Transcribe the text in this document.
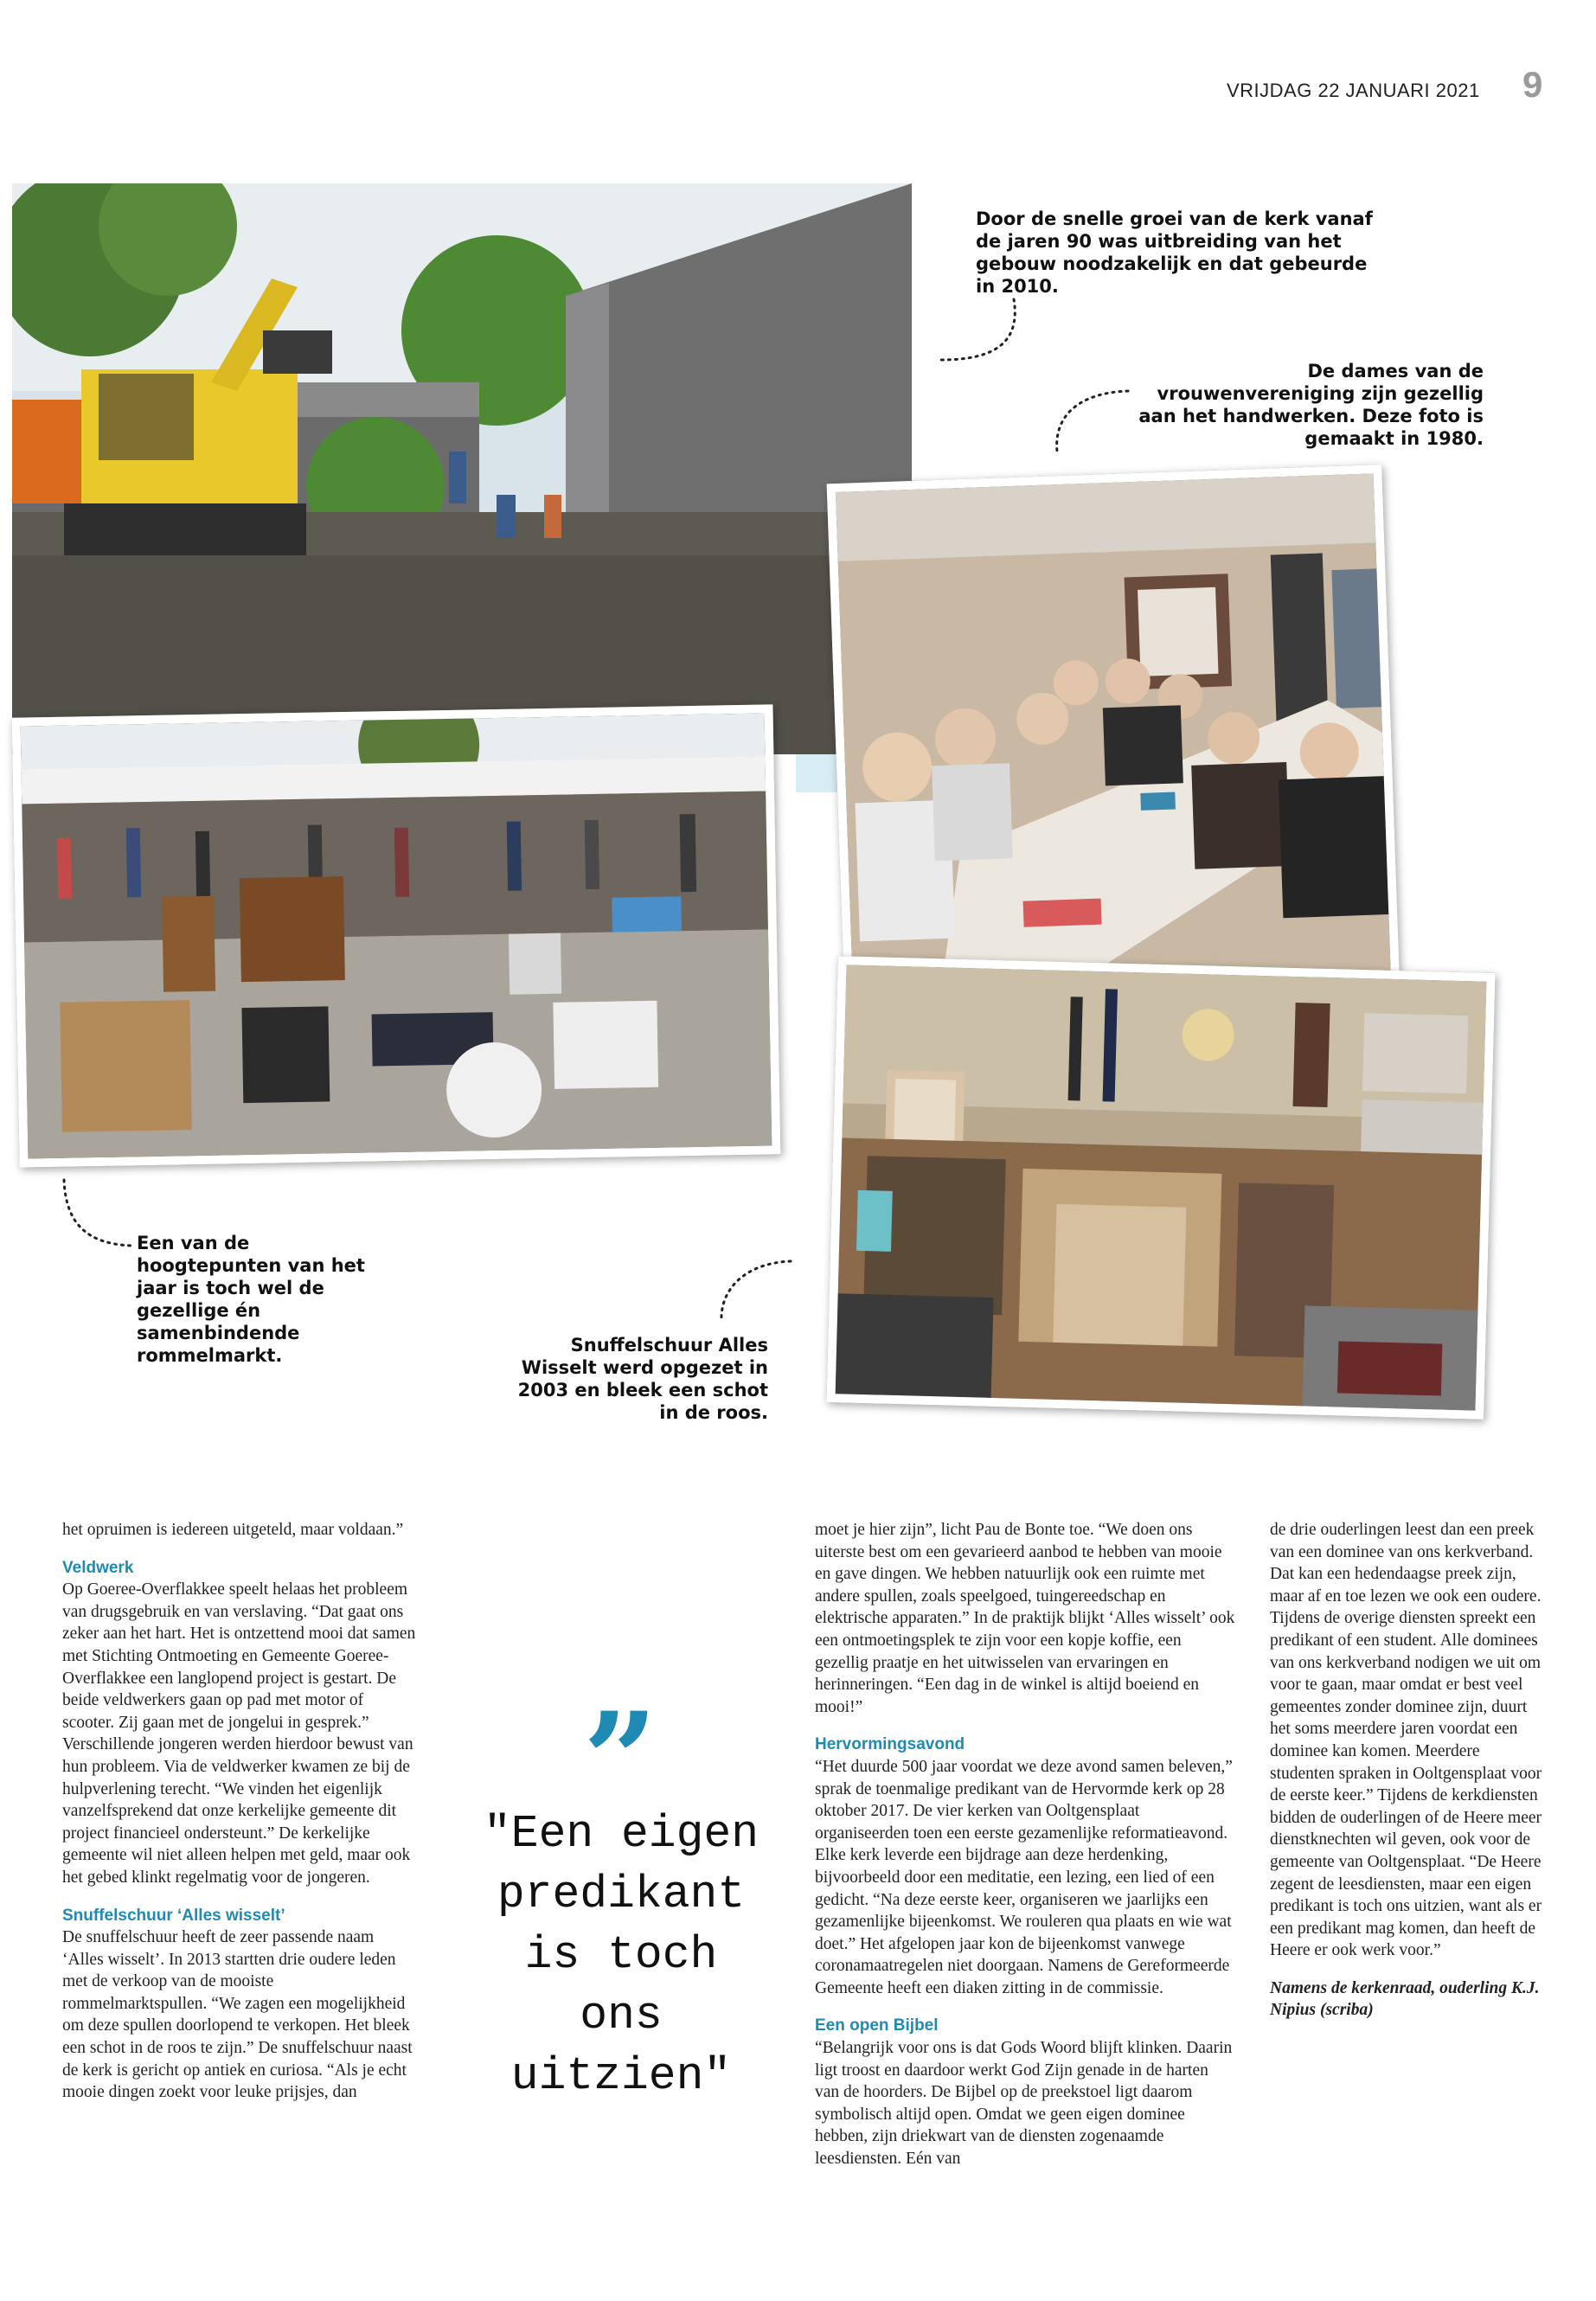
VRIJDAG 22 JANUARI 2021 9
Door de snelle groei van de kerk vanaf de jaren 90 was uitbreiding van het gebouw noodzakelijk en dat gebeurde in 2010.
De dames van de vrouwenvereniging zijn gezellig aan het handwerken. Deze foto is gemaakt in 1980.
Een van de hoogtepunten van het jaar is toch wel de gezellige én samenbindende rommelmarkt.	Snuffelschuur Alles Wisselt werd opgezet in 2003 en bleek een schot in de roos.

het opruimen is iedereen uitgeteld, maar voldaan.”

Veldwerk

Op Goeree-Overflakkee speelt helaas het probleem van drugsgebruik en van verslaving. “Dat gaat ons zeker aan het hart. Het is ontzettend mooi dat samen met Stichting Ontmoeting en Gemeente Goeree-Overflakkee een langlopend project is gestart. De beide veldwerkers gaan op pad met motor of scooter. Zij gaan met de jongelui in gesprek.” Verschillende jongeren werden hierdoor bewust van hun probleem. Via de veldwerker kwamen ze bij de hulpverlening terecht. “We vinden het eigenlijk vanzelfsprekend dat onze kerkelijke gemeente dit project financieel ondersteunt.” De kerkelijke gemeente wil niet alleen helpen met geld, maar ook het gebed klinkt regelmatig voor de jongeren.

Snuffelschuur ‘Alles wisselt’

De snuffelschuur heeft de zeer passende naam ‘Alles wisselt’. In 2013 startten drie oudere leden met de verkoop van de mooiste rommelmarktspullen. “We zagen een mogelijkheid om deze spullen doorlopend te verkopen. Het bleek een schot in de roos te zijn.” De snuffelschuur naast de kerk is gericht op antiek en curiosa. “Als je echt mooie dingen zoekt voor leuke prijsjes, dan

”
"Een eigen predikant is toch ons uitzien"

moet je hier zijn”, licht Pau de Bonte toe. “We doen ons uiterste best om een gevarieerd aanbod te hebben van mooie en gave dingen. We hebben natuurlijk ook een ruimte met andere spullen, zoals speelgoed, tuingereedschap en elektrische apparaten.” In de praktijk blijkt ‘Alles wisselt’ ook een ontmoetingsplek te zijn voor een kopje koffie, een gezellig praatje en het uitwisselen van ervaringen en herinneringen. “Een dag in de winkel is altijd boeiend en mooi!”

Hervormingsavond

“Het duurde 500 jaar voordat we deze avond samen beleven,” sprak de toenmalige predikant van de Hervormde kerk op 28 oktober 2017. De vier kerken van Ooltgensplaat organiseerden toen een eerste gezamenlijke reformatieavond. Elke kerk leverde een bijdrage aan deze herdenking, bijvoorbeeld door een meditatie, een lezing, een lied of een gedicht. “Na deze eerste keer, organiseren we jaarlijks een gezamenlijke bijeenkomst. We rouleren qua plaats en wie wat doet.” Het afgelopen jaar kon de bijeenkomst vanwege coronamaatregelen niet doorgaan. Namens de Gereformeerde Gemeente heeft een diaken zitting in de commissie.

Een open Bijbel

“Belangrijk voor ons is dat Gods Woord blijft klinken. Daarin ligt troost en daardoor werkt God Zijn genade in de harten van de hoorders. De Bijbel op de preekstoel ligt daarom symbolisch altijd open. Omdat we geen eigen dominee hebben, zijn driekwart van de diensten zogenaamde leesdiensten. Eén van

de drie ouderlingen leest dan een preek van een dominee van ons kerkverband. Dat kan een hedendaagse preek zijn, maar af en toe lezen we ook een oudere. Tijdens de overige diensten spreekt een predikant of een student. Alle dominees van ons kerkverband nodigen we uit om voor te gaan, maar omdat er best veel gemeentes zonder dominee zijn, duurt het soms meerdere jaren voordat een dominee kan komen. Meerdere studenten spraken in Ooltgensplaat voor de eerste keer.” Tijdens de kerkdiensten bidden de ouderlingen of de Heere meer dienstknechten wil geven, ook voor de gemeente van Ooltgensplaat. “De Heere zegent de leesdiensten, maar een eigen predikant is toch ons uitzien, want als er een predikant mag komen, dan heeft de Heere er ook werk voor.”

Namens de kerkenraad, ouderling K.J. Nipius (scriba)
